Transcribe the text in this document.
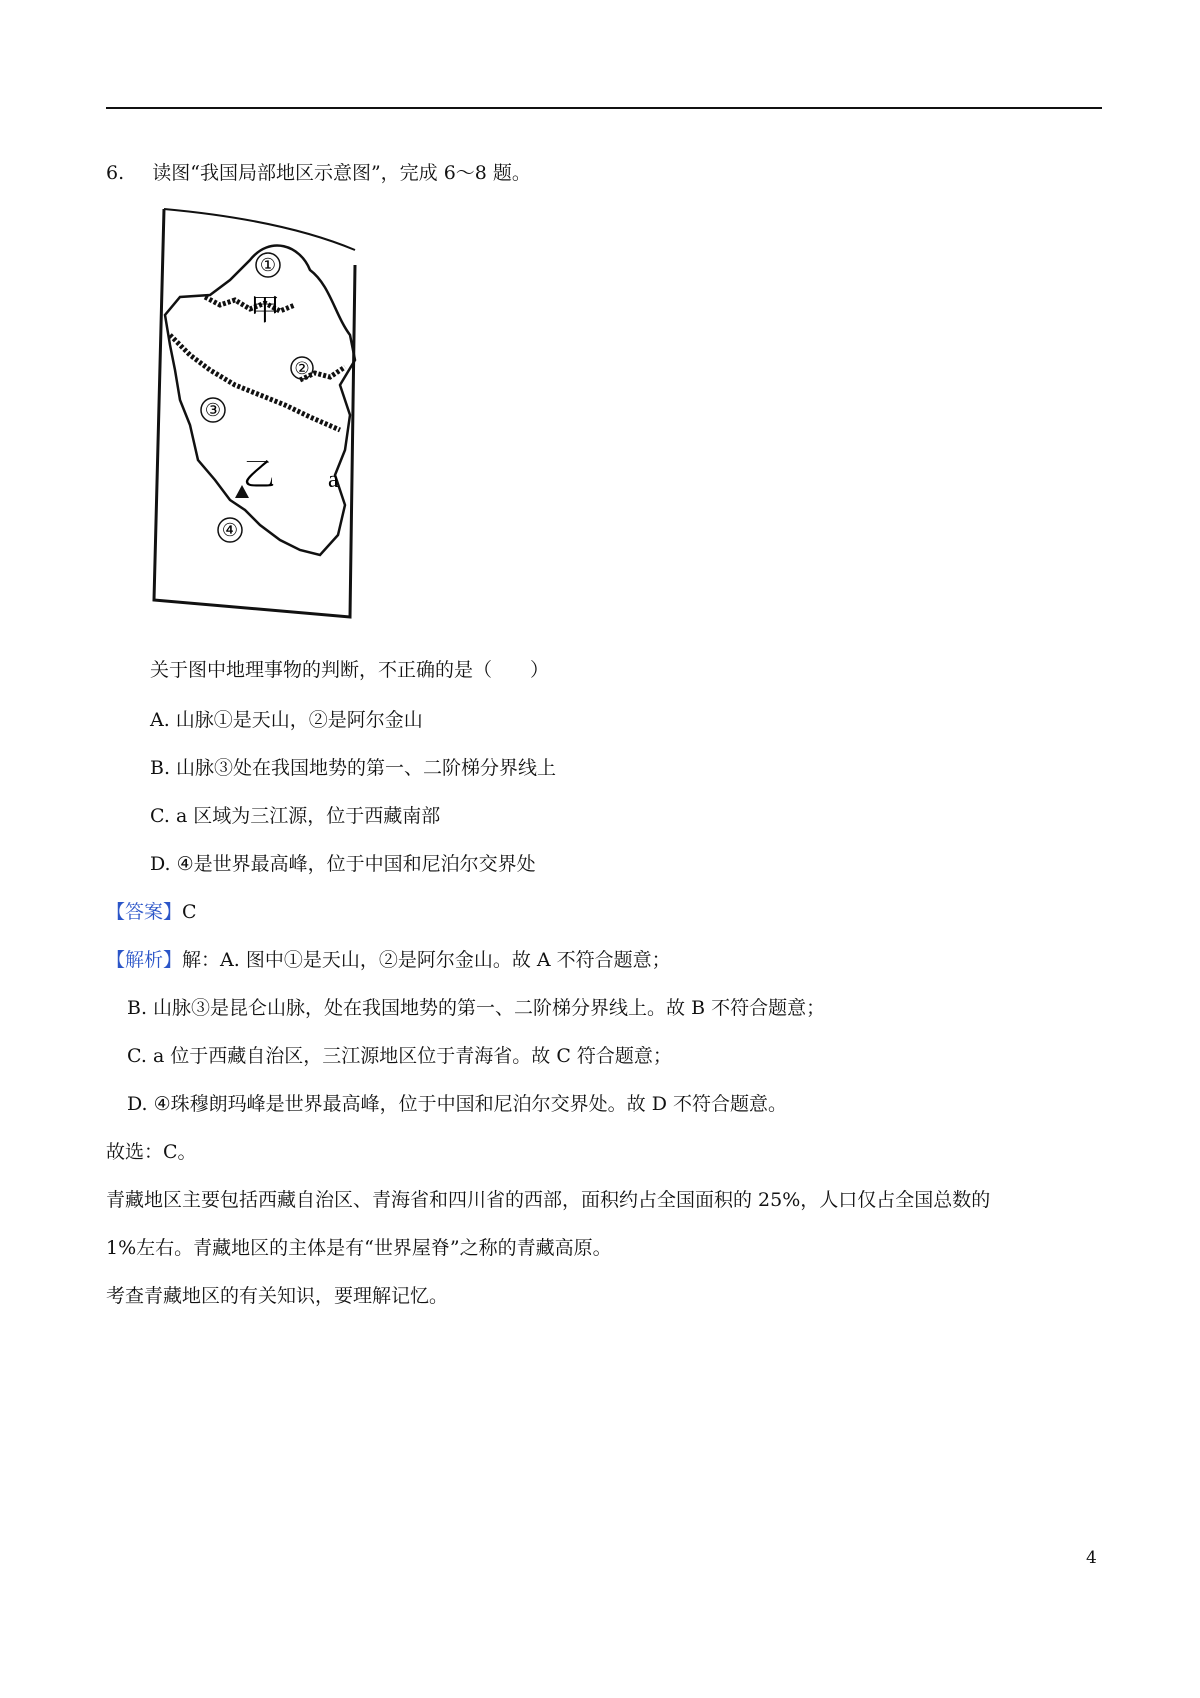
6. 读图“我国局部地区示意图”，完成 6～8 题。
①
甲
②
③
乙 a
④
关于图中地理事物的判断，不正确的是（　　）
A. 山脉①是天山，②是阿尔金山
B. 山脉③处在我国地势的第一、二阶梯分界线上
C. a 区域为三江源，位于西藏南部
D. ④是世界最高峰，位于中国和尼泊尔交界处
【答案】C
【解析】解：A. 图中①是天山，②是阿尔金山。故 A 不符合题意；
B. 山脉③是昆仑山脉，处在我国地势的第一、二阶梯分界线上。故 B 不符合题意；
C. a 位于西藏自治区，三江源地区位于青海省。故 C 符合题意；
D. ④珠穆朗玛峰是世界最高峰，位于中国和尼泊尔交界处。故 D 不符合题意。
故选：C。
青藏地区主要包括西藏自治区、青海省和四川省的西部，面积约占全国面积的 25%，人口仅占全国总数的
1%左右。青藏地区的主体是有“世界屋脊”之称的青藏高原。
考查青藏地区的有关知识，要理解记忆。
4
